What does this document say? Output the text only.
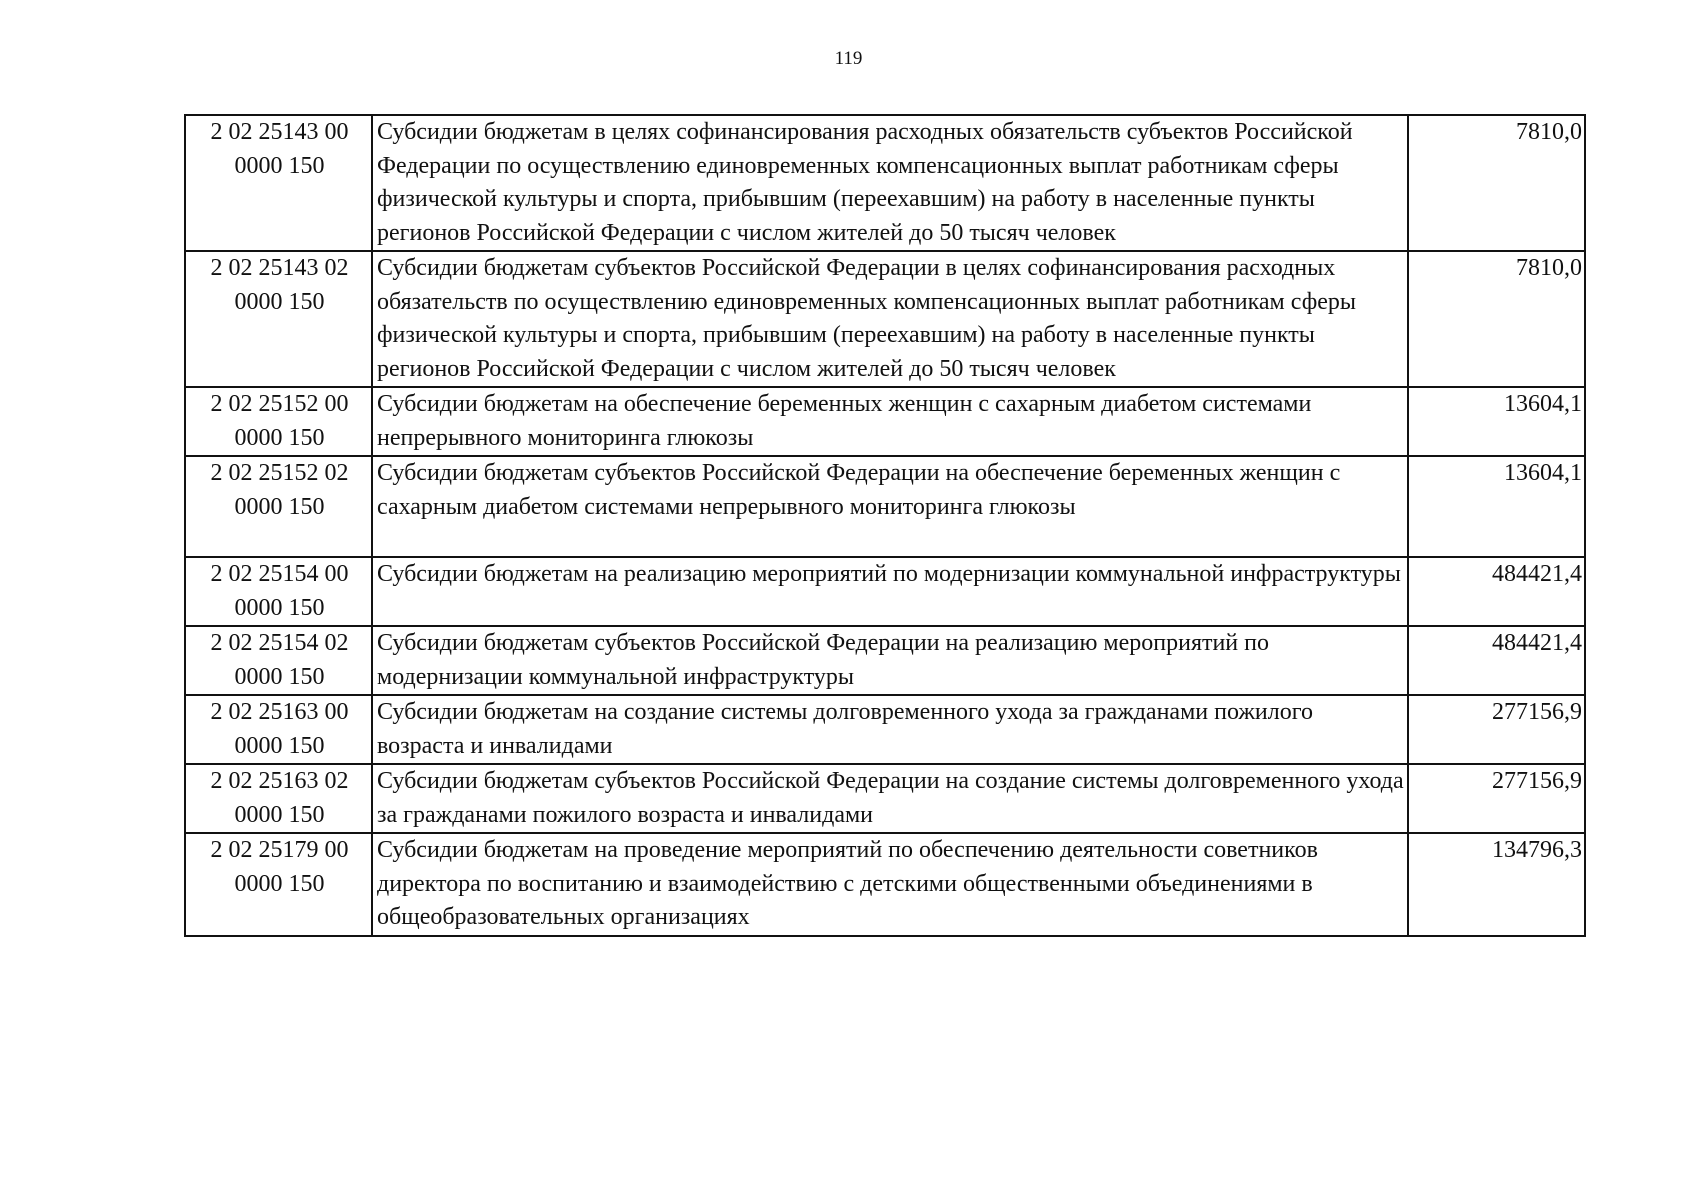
119
2 02 25143 00 0000 150	Субсидии бюджетам в целях софинансирования расходных обязательств субъектов Российской Федерации по осуществлению единовременных компенсационных выплат работникам сферы физической культуры и спорта, прибывшим (переехавшим) на работу в населенные пункты регионов Российской Федерации с числом жителей до 50 тысяч человек	7810,0
2 02 25143 02 0000 150	Субсидии бюджетам субъектов Российской Федерации в целях софинансирования расходных обязательств по осуществлению единовременных компенсационных выплат работникам сферы физической культуры и спорта, прибывшим (переехавшим) на работу в населенные пункты регионов Российской Федерации с числом жителей до 50 тысяч человек	7810,0
2 02 25152 00 0000 150	Субсидии бюджетам на обеспечение беременных женщин с сахарным диабетом системами непрерывного мониторинга глюкозы	13604,1
2 02 25152 02 0000 150	Субсидии бюджетам субъектов Российской Федерации на обеспечение беременных женщин с сахарным диабетом системами непрерывного мониторинга глюкозы	13604,1
2 02 25154 00 0000 150	Субсидии бюджетам на реализацию мероприятий по модернизации коммунальной инфраструктуры	484421,4
2 02 25154 02 0000 150	Субсидии бюджетам субъектов Российской Федерации на реализацию мероприятий по модернизации коммунальной инфраструктуры	484421,4
2 02 25163 00 0000 150	Субсидии бюджетам на создание системы долговременного ухода за гражданами пожилого возраста и инвалидами	277156,9
2 02 25163 02 0000 150	Субсидии бюджетам субъектов Российской Федерации на создание системы долговременного ухода за гражданами пожилого возраста и инвалидами	277156,9
2 02 25179 00 0000 150	Субсидии бюджетам на проведение мероприятий по обеспечению деятельности советников директора по воспитанию и взаимодействию с детскими общественными объединениями в общеобразовательных организациях	134796,3
